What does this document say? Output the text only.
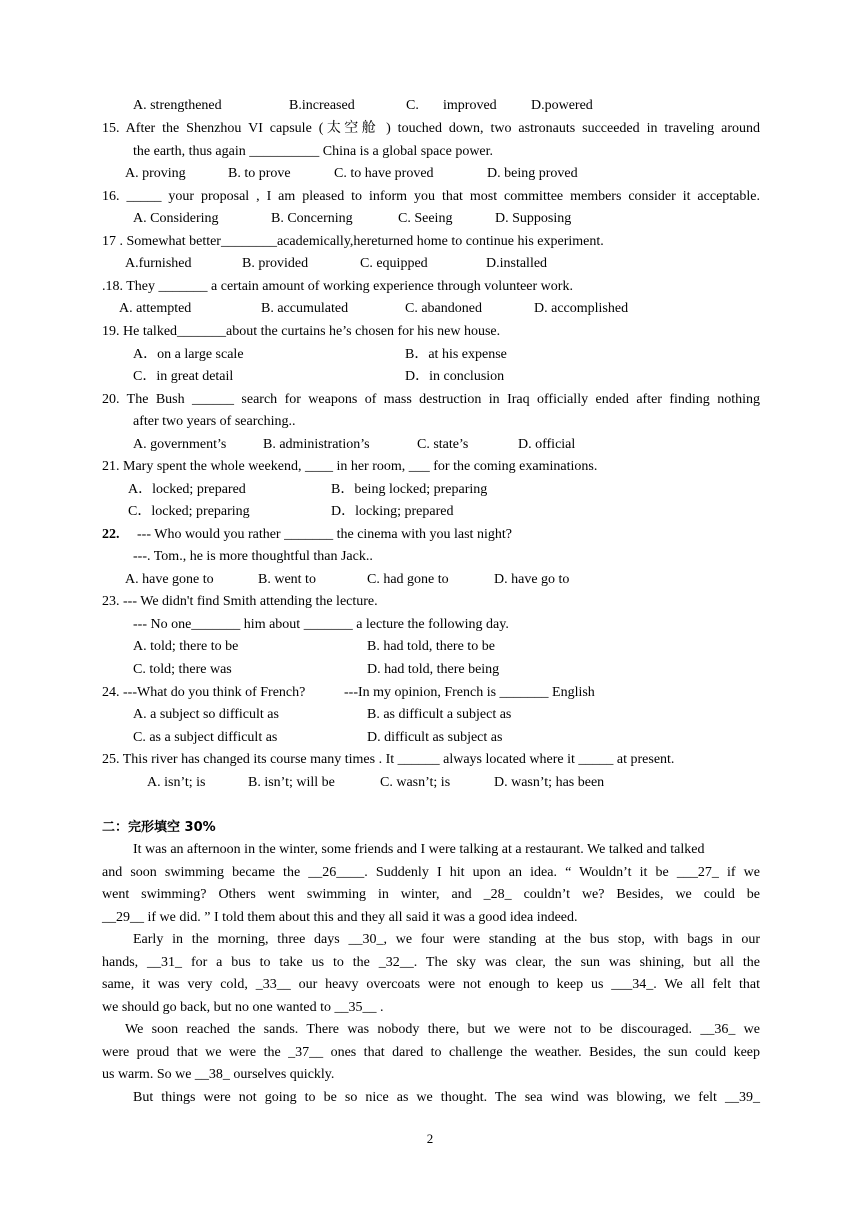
A. strengthened	B.increased	C. improved D.powered
15. After the Shenzhou VI capsule (太空舱 ) touched down, two astronauts succeeded in traveling around
the earth, thus again __________ China is a global space power.
A. proving	B. to prove	C. to have proved	D. being proved
16. _____ your proposal , I am pleased to inform you that most committee members consider it acceptable.
A. Considering	B. Concerning	C. Seeing	D. Supposing
17 . Somewhat better________academically,hereturned home to continue his experiment.
A.furnished	B. provided	C. equipped	D.installed
.18. They _______ a certain amount of working experience through volunteer work.
A. attempted	B. accumulated	C. abandoned	D. accomplished
19. He talked_______about the curtains he’s chosen for his new house.
A．on a large scale	B．at his expense
C．in great detail	D．in conclusion
20. The Bush ______ search for weapons of mass destruction in Iraq officially ended after finding nothing
after two years of searching..
A. government’s	B. administration’s	C. state’s	D. official
21. Mary spent the whole weekend, ____ in her room, ___ for the coming examinations.
A．locked; prepared	B．being locked; preparing
C．locked; preparing	D．locking; prepared
22. --- Who would you rather _______ the cinema with you last night?
---. Tom., he is more thoughtful than Jack..
A. have gone to	B. went to	C. had gone to	D. have go to
23. --- We didn't find Smith attending the lecture.
--- No one_______ him about _______ a lecture the following day.
A. told; there to be	B. had told, there to be
C. told; there was	D. had told, there being
24. ---What do you think of French?	---In my opinion, French is _______ English
A. a subject so difficult as	B. as difficult a subject as
C. as a subject difficult as	D. difficult as subject as
25. This river has changed its course many times . It ______ always located where it _____ at present.
A. isn’t; is	B. isn’t; will be	C. wasn’t; is	D. wasn’t; has been
二：完形填空 30%
It was an afternoon in the winter, some friends and I were talking at a restaurant. We talked and talked
and soon swimming became the __26____. Suddenly I hit upon an idea. “ Wouldn’t it be ___27_ if we
went swimming? Others went swimming in winter, and _28_ couldn’t we? Besides, we could be
__29__ if we did. ” I told them about this and they all said it was a good idea indeed.
Early in the morning, three days __30_, we four were standing at the bus stop, with bags in our
hands, __31_ for a bus to take us to the _32__. The sky was clear, the sun was shining, but all the
same, it was very cold, _33__ our heavy overcoats were not enough to keep us ___34_. We all felt that
we should go back, but no one wanted to __35__ .
We soon reached the sands. There was nobody there, but we were not to be discouraged. __36_ we
were proud that we were the _37__ ones that dared to challenge the weather. Besides, the sun could keep
us warm. So we __38_ ourselves quickly.
But things were not going to be so nice as we thought. The sea wind was blowing, we felt __39_
2
